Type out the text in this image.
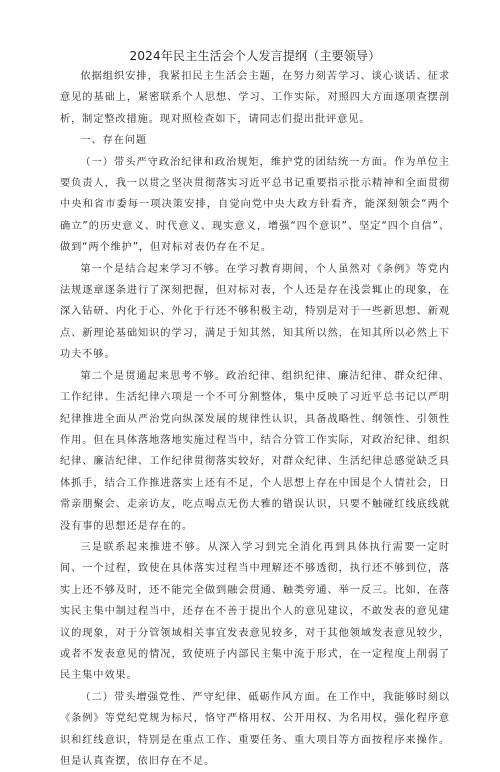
2024年民主生活会个人发言提纲（主要领导）

依据组织安排，我紧扣民主生活会主题，在努力刻苦学习、谈心谈话、征求意见的基础上，紧密联系个人思想、学习、工作实际，对照四大方面逐项查摆剖析，制定整改措施。现对照检查如下，请同志们提出批评意见。

一、存在问题

（一）带头严守政治纪律和政治规矩，维护党的团结统一方面。作为单位主要负责人，我一以贯之坚决贯彻落实习近平总书记重要指示批示精神和全面贯彻中央和省市委每一项决策安排，自觉向党中央大政方针看齐，能深刻领会“两个确立”的历史意义、时代意义、现实意义，增强“四个意识”、坚定“四个自信”、做到“两个维护”，但对标对表仍存在不足。

第一个是结合起来学习不够。在学习教育期间，个人虽然对《条例》等党内法规逐章逐条进行了深刻把握，但对标对表，个人还是存在浅尝辄止的现象，在深入钻研、内化于心、外化于行还不够积极主动，特别是对于一些新思想、新观点、新理论基础知识的学习，满足于知其然，知其所以然，在知其所以必然上下功夫不够。

第二个是贯通起来思考不够。政治纪律、组织纪律、廉洁纪律、群众纪律、工作纪律、生活纪律六项是一个不可分割整体，集中反映了习近平总书记以严明纪律推进全面从严治党向纵深发展的规律性认识，具备战略性、纲领性、引领性作用。但在具体落地落地实施过程当中，结合分管工作实际，对政治纪律、组织纪律、廉洁纪律、工作纪律贯彻落实较好，对群众纪律、生活纪律总感觉缺乏具体抓手，结合工作推进落实上还有不足，个人思想上存在中国是个人情社会，日常亲朋聚会、走亲访友，吃点喝点无伤大雅的错误认识，只要不触碰红线底线就没有事的思想还是存在的。

三是联系起来推进不够。从深入学习到完全消化再到具体执行需要一定时间、一个过程，致使在具体落实过程当中理解还不够透彻，执行还不够到位，落实上还不够及时，还不能完全做到融会贯通、触类旁通、举一反三。比如，在落实民主集中制过程当中，还存在不善于提出个人的意见建议，不敢发表的意见建议的现象，对于分管领域相关事宜发表意见较多，对于其他领域发表意见较少，或者不发表意见的情况，致使班子内部民主集中流于形式，在一定程度上削弱了民主集中效果。

（二）带头增强党性、严守纪律、砥砺作风方面。在工作中，我能够时刻以《条例》等党纪党规为标尺，恪守严格用权、公开用权、为名用权，强化程序意识和红线意识，特别是在重点工作、重要任务、重大项目等方面按程序来操作。但是认真查摆，依旧存在不足。
